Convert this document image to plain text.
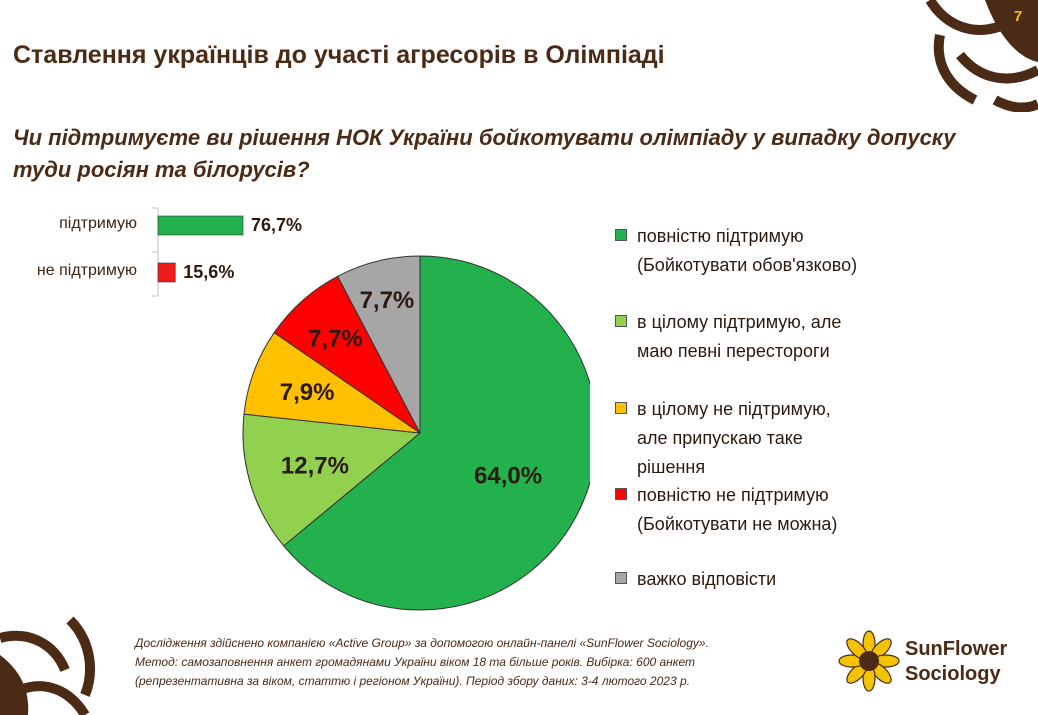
7
Ставлення українців до участі агресорів в Олімпіаді
Чи підтримуєте ви рішення НОК України бойкотувати олімпіаду у випадку допуску туди росіян та білорусів?
підтримую
не підтримую
76,7%
15,6%
64,0%
12,7%
7,9%
7,7%
7,7%
повністю підтримую
(Бойкотувати обов'язково)
в цілому підтримую, але
маю певні перестороги
в цілому не підтримую,
але припускаю таке
рішення
повністю не підтримую
(Бойкотувати не можна)
важко відповісти
Дослідження здійснено компанією «Active Group» за допомогою онлайн-панелі «SunFlower Sociology».
Метод: самозаповнення анкет громадянами України віком 18 та більше років. Вибірка: 600 анкет
(репрезентативна за віком, статтю і регіоном України). Період збору даних: 3-4 лютого 2023 р.
SunFlower
Sociology
